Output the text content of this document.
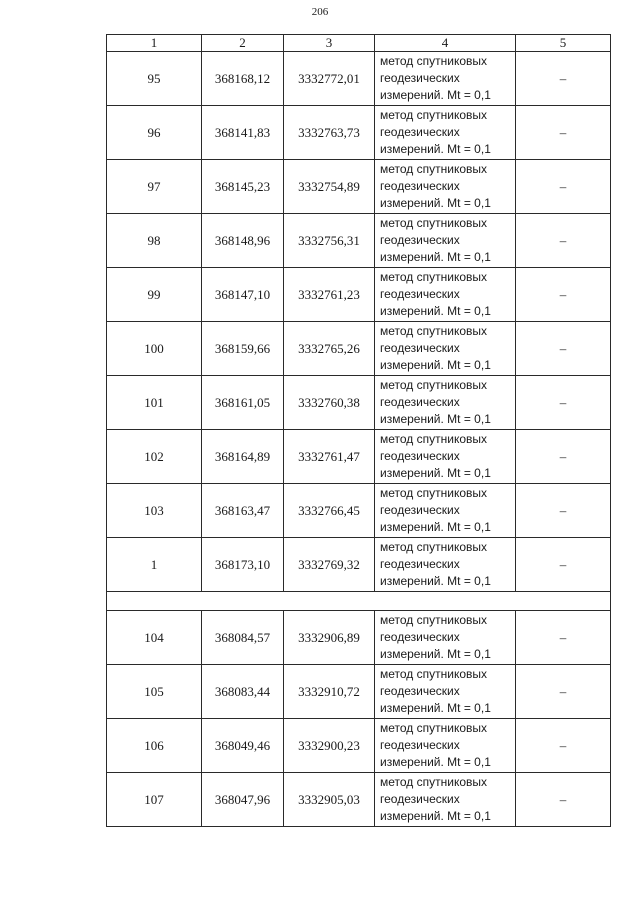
206
1	2	3	4	5
95	368168,12	3332772,01	метод спутниковых
геодезических
измерений. Mt = 0,1	–
96	368141,83	3332763,73	метод спутниковых
геодезических
измерений. Mt = 0,1	–
97	368145,23	3332754,89	метод спутниковых
геодезических
измерений. Mt = 0,1	–
98	368148,96	3332756,31	метод спутниковых
геодезических
измерений. Mt = 0,1	–
99	368147,10	3332761,23	метод спутниковых
геодезических
измерений. Mt = 0,1	–
100	368159,66	3332765,26	метод спутниковых
геодезических
измерений. Mt = 0,1	–
101	368161,05	3332760,38	метод спутниковых
геодезических
измерений. Mt = 0,1	–
102	368164,89	3332761,47	метод спутниковых
геодезических
измерений. Mt = 0,1	–
103	368163,47	3332766,45	метод спутниковых
геодезических
измерений. Mt = 0,1	–
1	368173,10	3332769,32	метод спутниковых
геодезических
измерений. Mt = 0,1	–

104	368084,57	3332906,89	метод спутниковых
геодезических
измерений. Mt = 0,1	–
105	368083,44	3332910,72	метод спутниковых
геодезических
измерений. Mt = 0,1	–
106	368049,46	3332900,23	метод спутниковых
геодезических
измерений. Mt = 0,1	–
107	368047,96	3332905,03	метод спутниковых
геодезических
измерений. Mt = 0,1	–
